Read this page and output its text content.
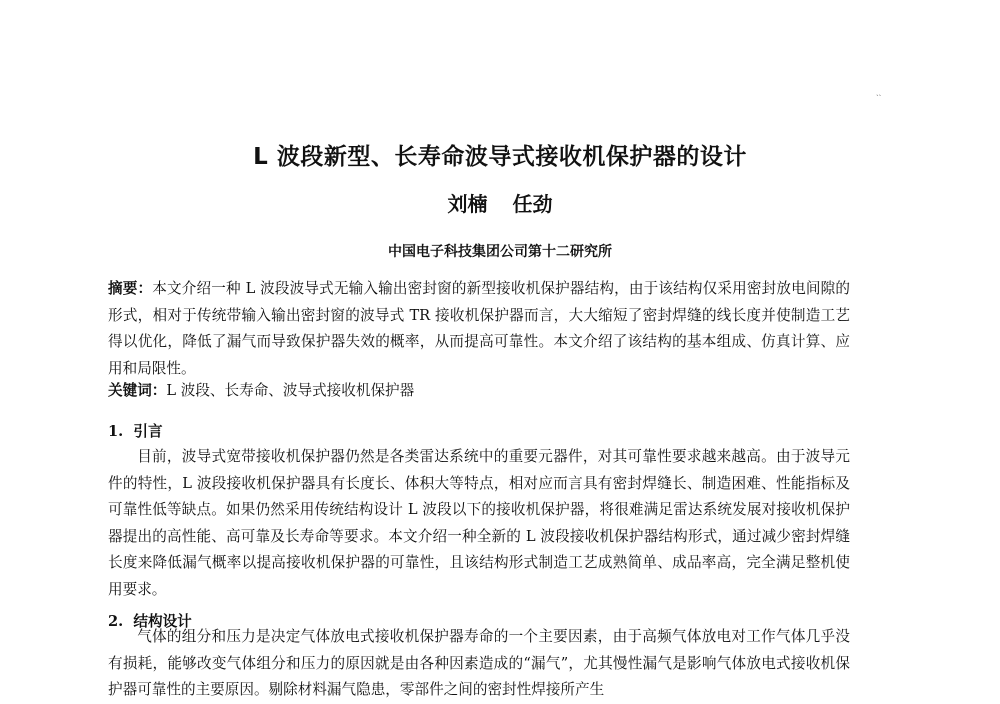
ˎˎ
L 波段新型、长寿命波导式接收机保护器的设计
刘楠 任劲
中国电子科技集团公司第十二研究所
摘要：本文介绍一种 L 波段波导式无输入输出密封窗的新型接收机保护器结构，由于该结构仅采用密封放电间隙的形式，相对于传统带输入输出密封窗的波导式 TR 接收机保护器而言，大大缩短了密封焊缝的线长度并使制造工艺得以优化，降低了漏气而导致保护器失效的概率，从而提高可靠性。本文介绍了该结构的基本组成、仿真计算、应用和局限性。
关键词：L 波段、长寿命、波导式接收机保护器
1.  引言
目前，波导式宽带接收机保护器仍然是各类雷达系统中的重要元器件，对其可靠性要求越来越高。由于波导元件的特性，L 波段接收机保护器具有长度长、体积大等特点，相对应而言具有密封焊缝长、制造困难、性能指标及可靠性低等缺点。如果仍然采用传统结构设计 L 波段以下的接收机保护器，将很难满足雷达系统发展对接收机保护器提出的高性能、高可靠及长寿命等要求。本文介绍一种全新的 L 波段接收机保护器结构形式，通过减少密封焊缝长度来降低漏气概率以提高接收机保护器的可靠性，且该结构形式制造工艺成熟简单、成品率高，完全满足整机使用要求。
2.  结构设计
气体的组分和压力是决定气体放电式接收机保护器寿命的一个主要因素，由于高频气体放电对工作气体几乎没有损耗，能够改变气体组分和压力的原因就是由各种因素造成的“漏气”，尤其慢性漏气是影响气体放电式接收机保护器可靠性的主要原因。剔除材料漏气隐患，零部件之间的密封性焊接所产生
